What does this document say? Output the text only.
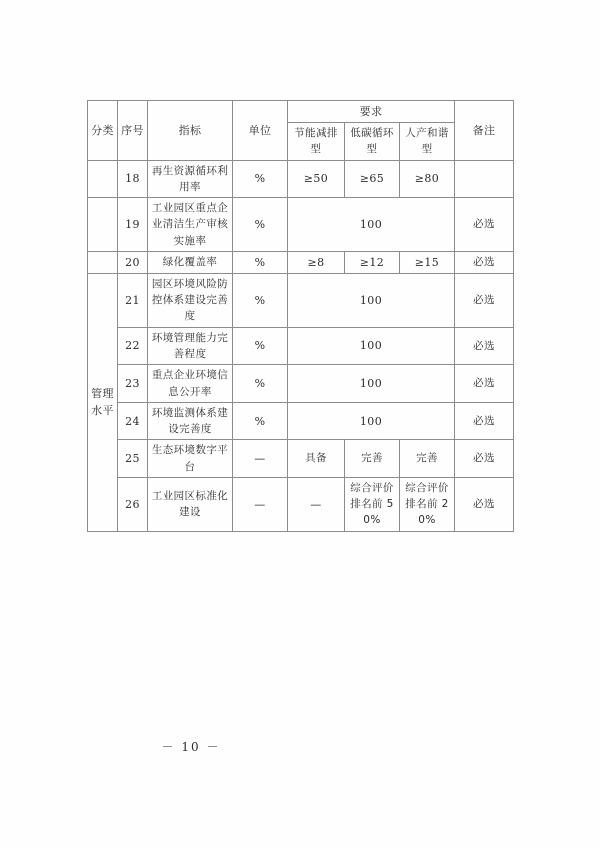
分类	序号	指标	单位	要求			备注
				节能减排型	低碳循环型	人产和谐型	
	18	再生资源循环利用率	%	≥50	≥65	≥80	
	19	工业园区重点企业清洁生产审核实施率	%	100			必选
	20	绿化覆盖率	%	≥8	≥12	≥15	必选
管理水平	21	园区环境风险防控体系建设完善度	%	100			必选
	22	环境管理能力完善程度	%	100			必选
	23	重点企业环境信息公开率	%	100			必选
	24	环境监测体系建设完善度	%	100			必选
	25	生态环境数字平台	—	具备	完善	完善	必选
	26	工业园区标准化建设	—	—	综合评价排名前 50%	综合评价排名前 20%	必选
－ 10 －
